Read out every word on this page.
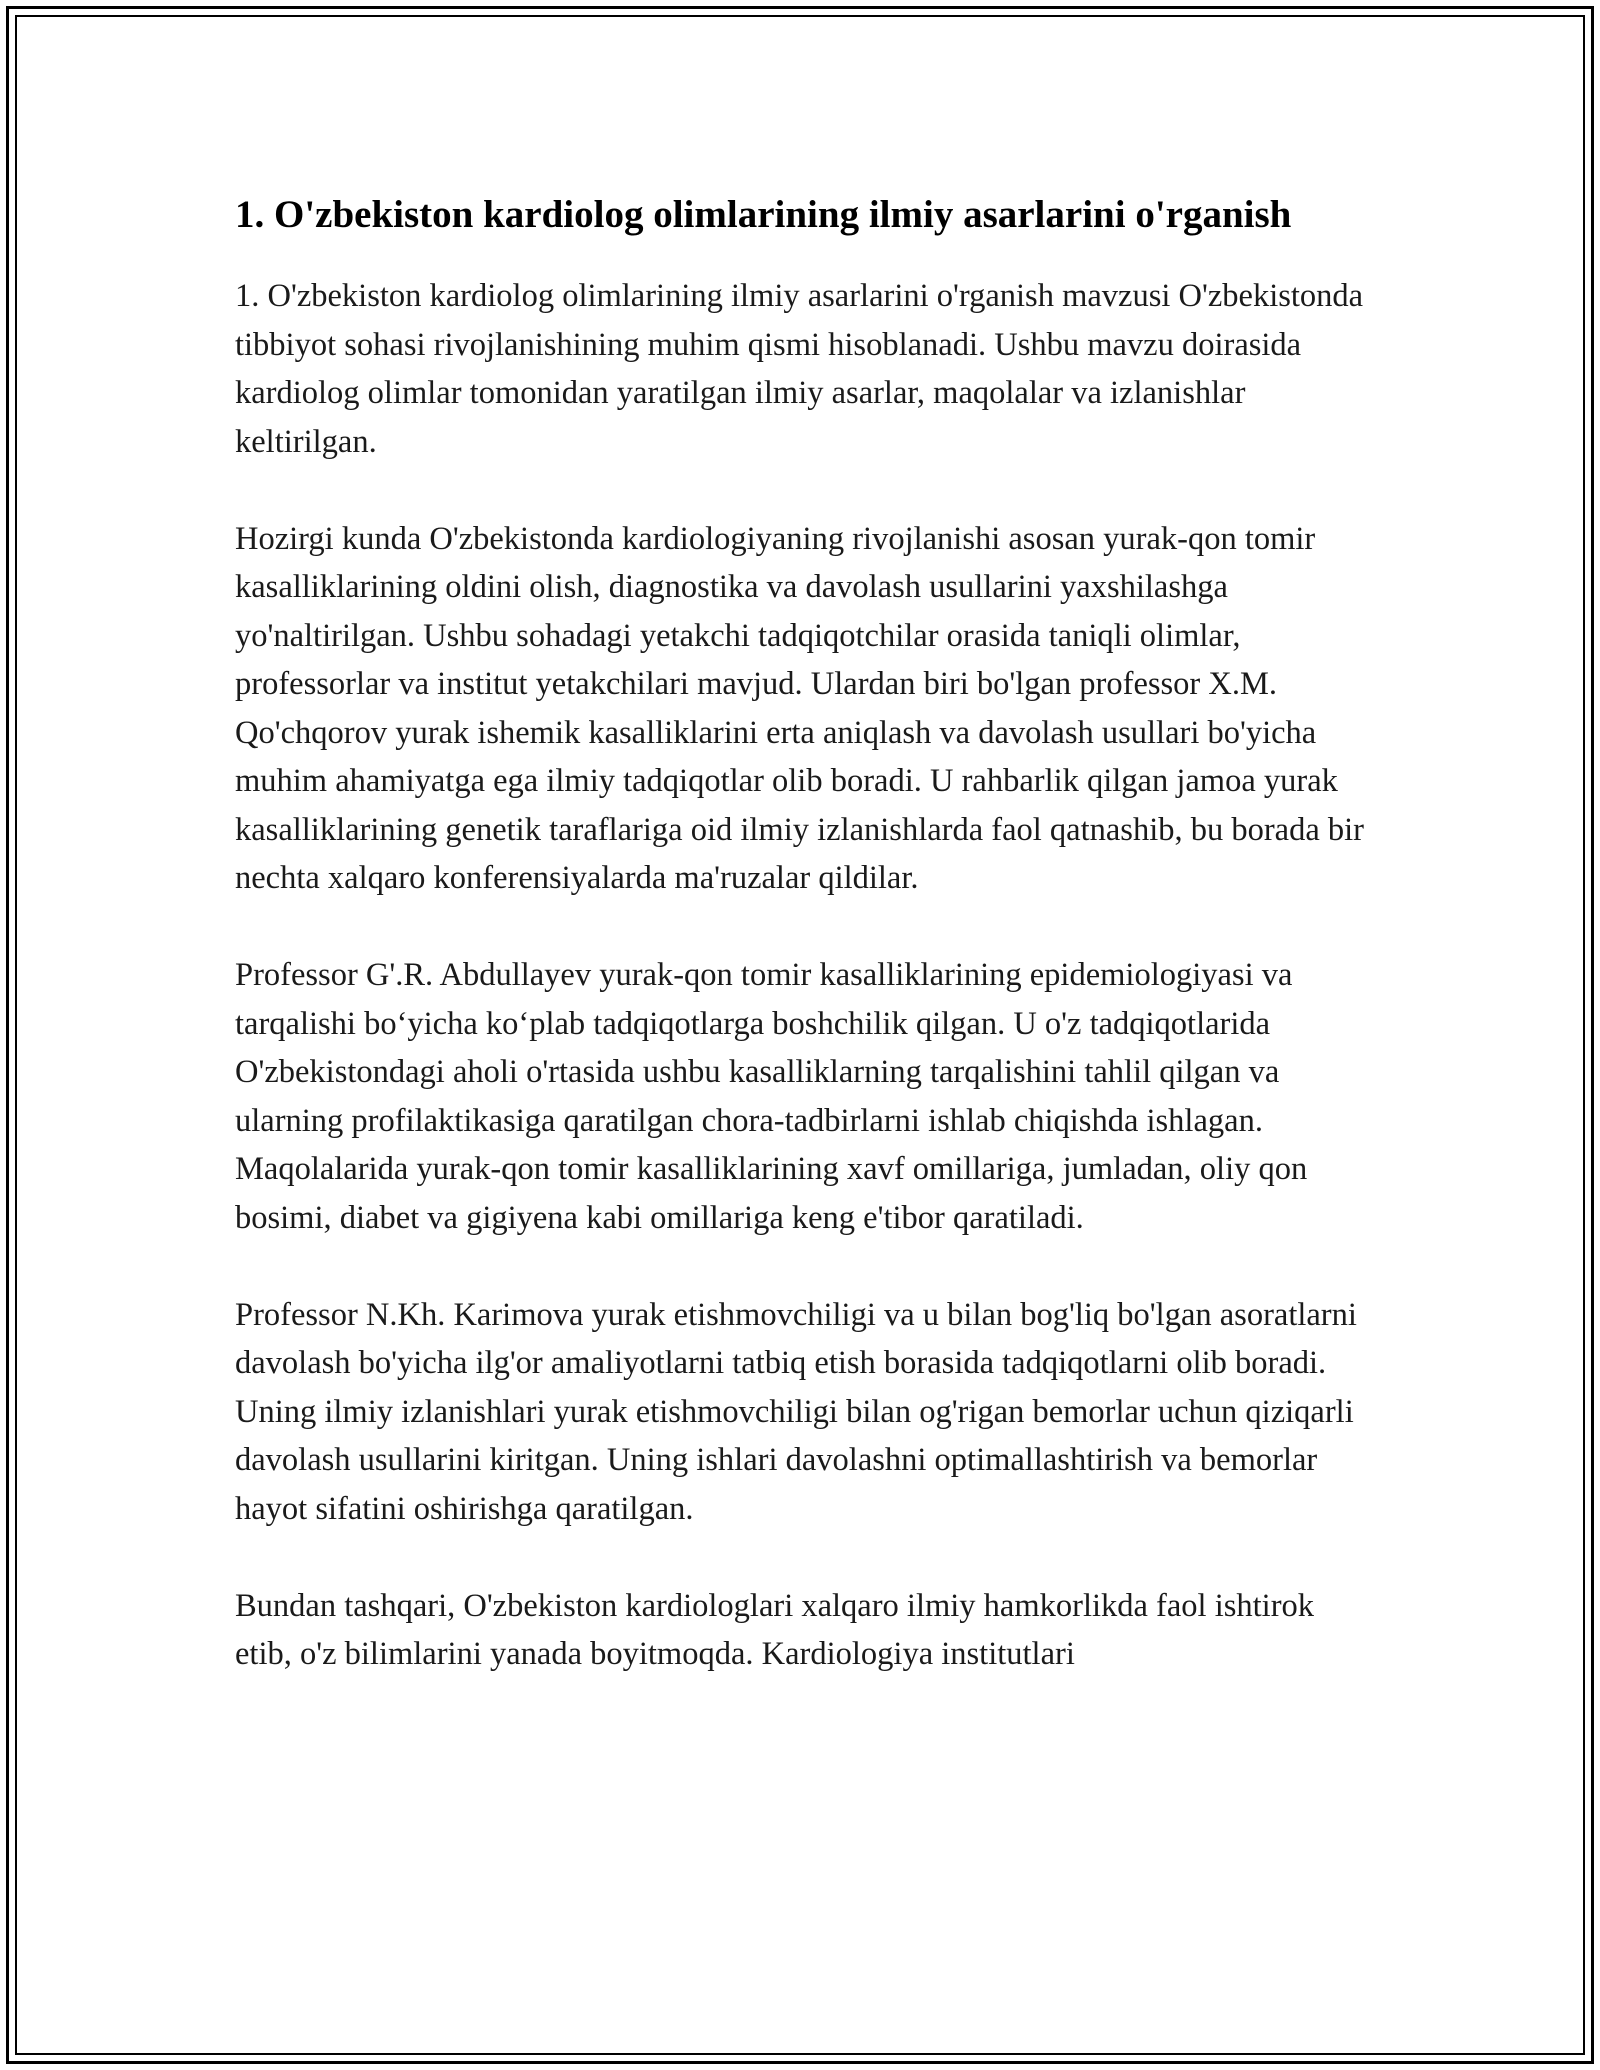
1. O'zbekiston kardiolog olimlarining ilmiy asarlarini o'rganish

1. O'zbekiston kardiolog olimlarining ilmiy asarlarini o'rganish mavzusi O'zbekistonda tibbiyot sohasi rivojlanishining muhim qismi hisoblanadi. Ushbu mavzu doirasida kardiolog olimlar tomonidan yaratilgan ilmiy asarlar, maqolalar va izlanishlar keltirilgan.

Hozirgi kunda O'zbekistonda kardiologiyaning rivojlanishi asosan yurak-qon tomir kasalliklarining oldini olish, diagnostika va davolash usullarini yaxshilashga yo'naltirilgan. Ushbu sohadagi yetakchi tadqiqotchilar orasida taniqli olimlar, professorlar va institut yetakchilari mavjud. Ulardan biri bo'lgan professor X.M. Qo'chqorov yurak ishemik kasalliklarini erta aniqlash va davolash usullari bo'yicha muhim ahamiyatga ega ilmiy tadqiqotlar olib boradi. U rahbarlik qilgan jamoa yurak kasalliklarining genetik taraflariga oid ilmiy izlanishlarda faol qatnashib, bu borada bir nechta xalqaro konferensiyalarda ma'ruzalar qildilar.

Professor G'.R. Abdullayev yurak-qon tomir kasalliklarining epidemiologiyasi va tarqalishi bo‘yicha ko‘plab tadqiqotlarga boshchilik qilgan. U o'z tadqiqotlarida O'zbekistondagi aholi o'rtasida ushbu kasalliklarning tarqalishini tahlil qilgan va ularning profilaktikasiga qaratilgan chora-tadbirlarni ishlab chiqishda ishlagan. Maqolalarida yurak-qon tomir kasalliklarining xavf omillariga, jumladan, oliy qon bosimi, diabet va gigiyena kabi omillariga keng e'tibor qaratiladi.

Professor N.Kh. Karimova yurak etishmovchiligi va u bilan bog'liq bo'lgan asoratlarni davolash bo'yicha ilg'or amaliyotlarni tatbiq etish borasida tadqiqotlarni olib boradi. Uning ilmiy izlanishlari yurak etishmovchiligi bilan og'rigan bemorlar uchun qiziqarli davolash usullarini kiritgan. Uning ishlari davolashni optimallashtirish va bemorlar hayot sifatini oshirishga qaratilgan.

Bundan tashqari, O'zbekiston kardiologlari xalqaro ilmiy hamkorlikda faol ishtirok etib, o'z bilimlarini yanada boyitmoqda. Kardiologiya institutlari
